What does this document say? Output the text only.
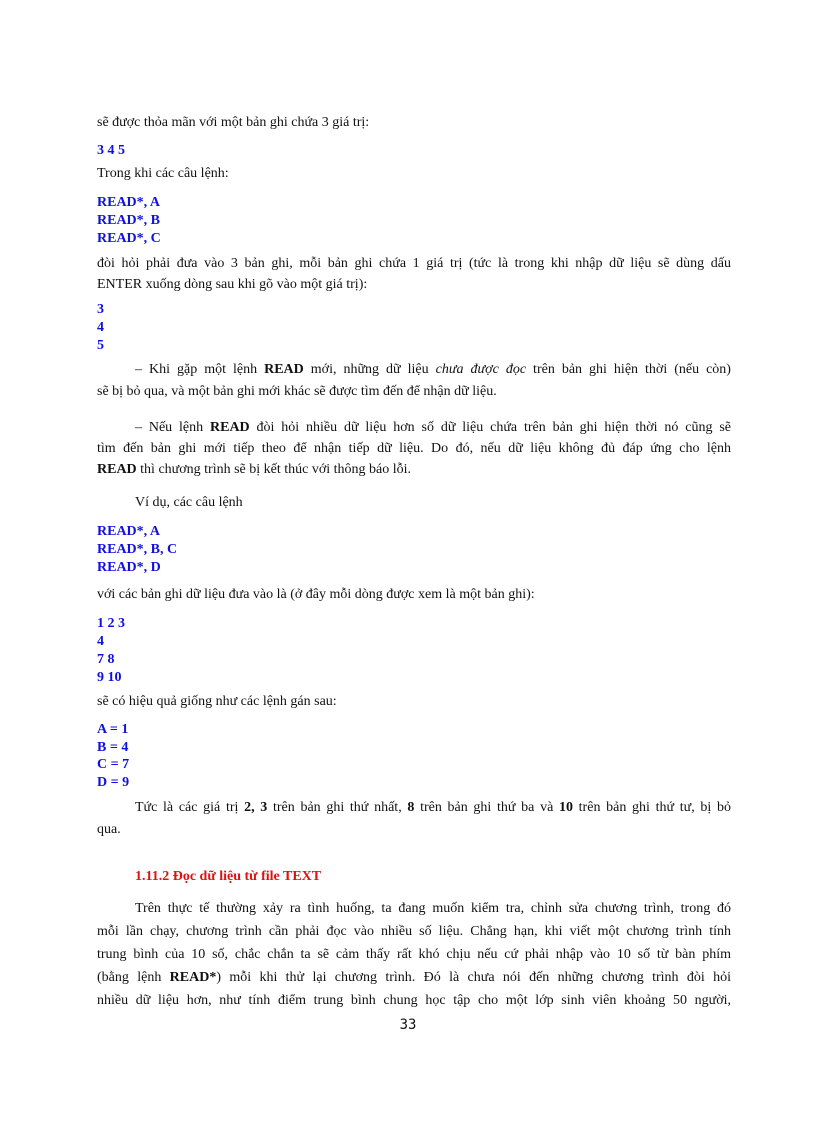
sẽ được thỏa mãn với một bản ghi chứa 3 giá trị:
3 4 5
Trong khi các câu lệnh:
READ*, A
READ*, B
READ*, C
đòi hỏi phải đưa vào 3 bản ghi, mỗi bản ghi chứa 1 giá trị (tức là trong khi nhập dữ liệu sẽ dùng dấu
ENTER xuống dòng sau khi gõ vào một giá trị):
3
4
5
– Khi gặp một lệnh READ mới, những dữ liệu chưa được đọc trên bản ghi hiện thời (nếu còn)
sẽ bị bỏ qua, và một bản ghi mới khác sẽ được tìm đến để nhận dữ liệu.
– Nếu lệnh READ đòi hỏi nhiều dữ liệu hơn số dữ liệu chứa trên bản ghi hiện thời nó cũng sẽ
tìm đến bản ghi mới tiếp theo để nhận tiếp dữ liệu. Do đó, nếu dữ liệu không đủ đáp ứng cho lệnh
READ thì chương trình sẽ bị kết thúc với thông báo lỗi.
Ví dụ, các câu lệnh
READ*, A
READ*, B, C
READ*, D
với các bản ghi dữ liệu đưa vào là (ở đây mỗi dòng được xem là một bản ghi):
1 2 3
4
7 8
9 10
sẽ có hiệu quả giống như các lệnh gán sau:
A = 1
B = 4
C = 7
D = 9
Tức là các giá trị 2, 3 trên bản ghi thứ nhất, 8 trên bản ghi thứ ba và 10 trên bản ghi thứ tư, bị bỏ
qua.
1.11.2 Đọc dữ liệu từ file TEXT
Trên thực tế thường xảy ra tình huống, ta đang muốn kiểm tra, chỉnh sửa chương trình, trong đó
mỗi lần chạy, chương trình cần phải đọc vào nhiều số liệu. Chẳng hạn, khi viết một chương trình tính
trung bình của 10 số, chắc chắn ta sẽ cảm thấy rất khó chịu nếu cứ phải nhập vào 10 số từ bàn phím
(bằng lệnh READ*) mỗi khi thử lại chương trình. Đó là chưa nói đến những chương trình đòi hỏi
nhiều dữ liệu hơn, như tính điểm trung bình chung học tập cho một lớp sinh viên khoảng 50 người,
33
